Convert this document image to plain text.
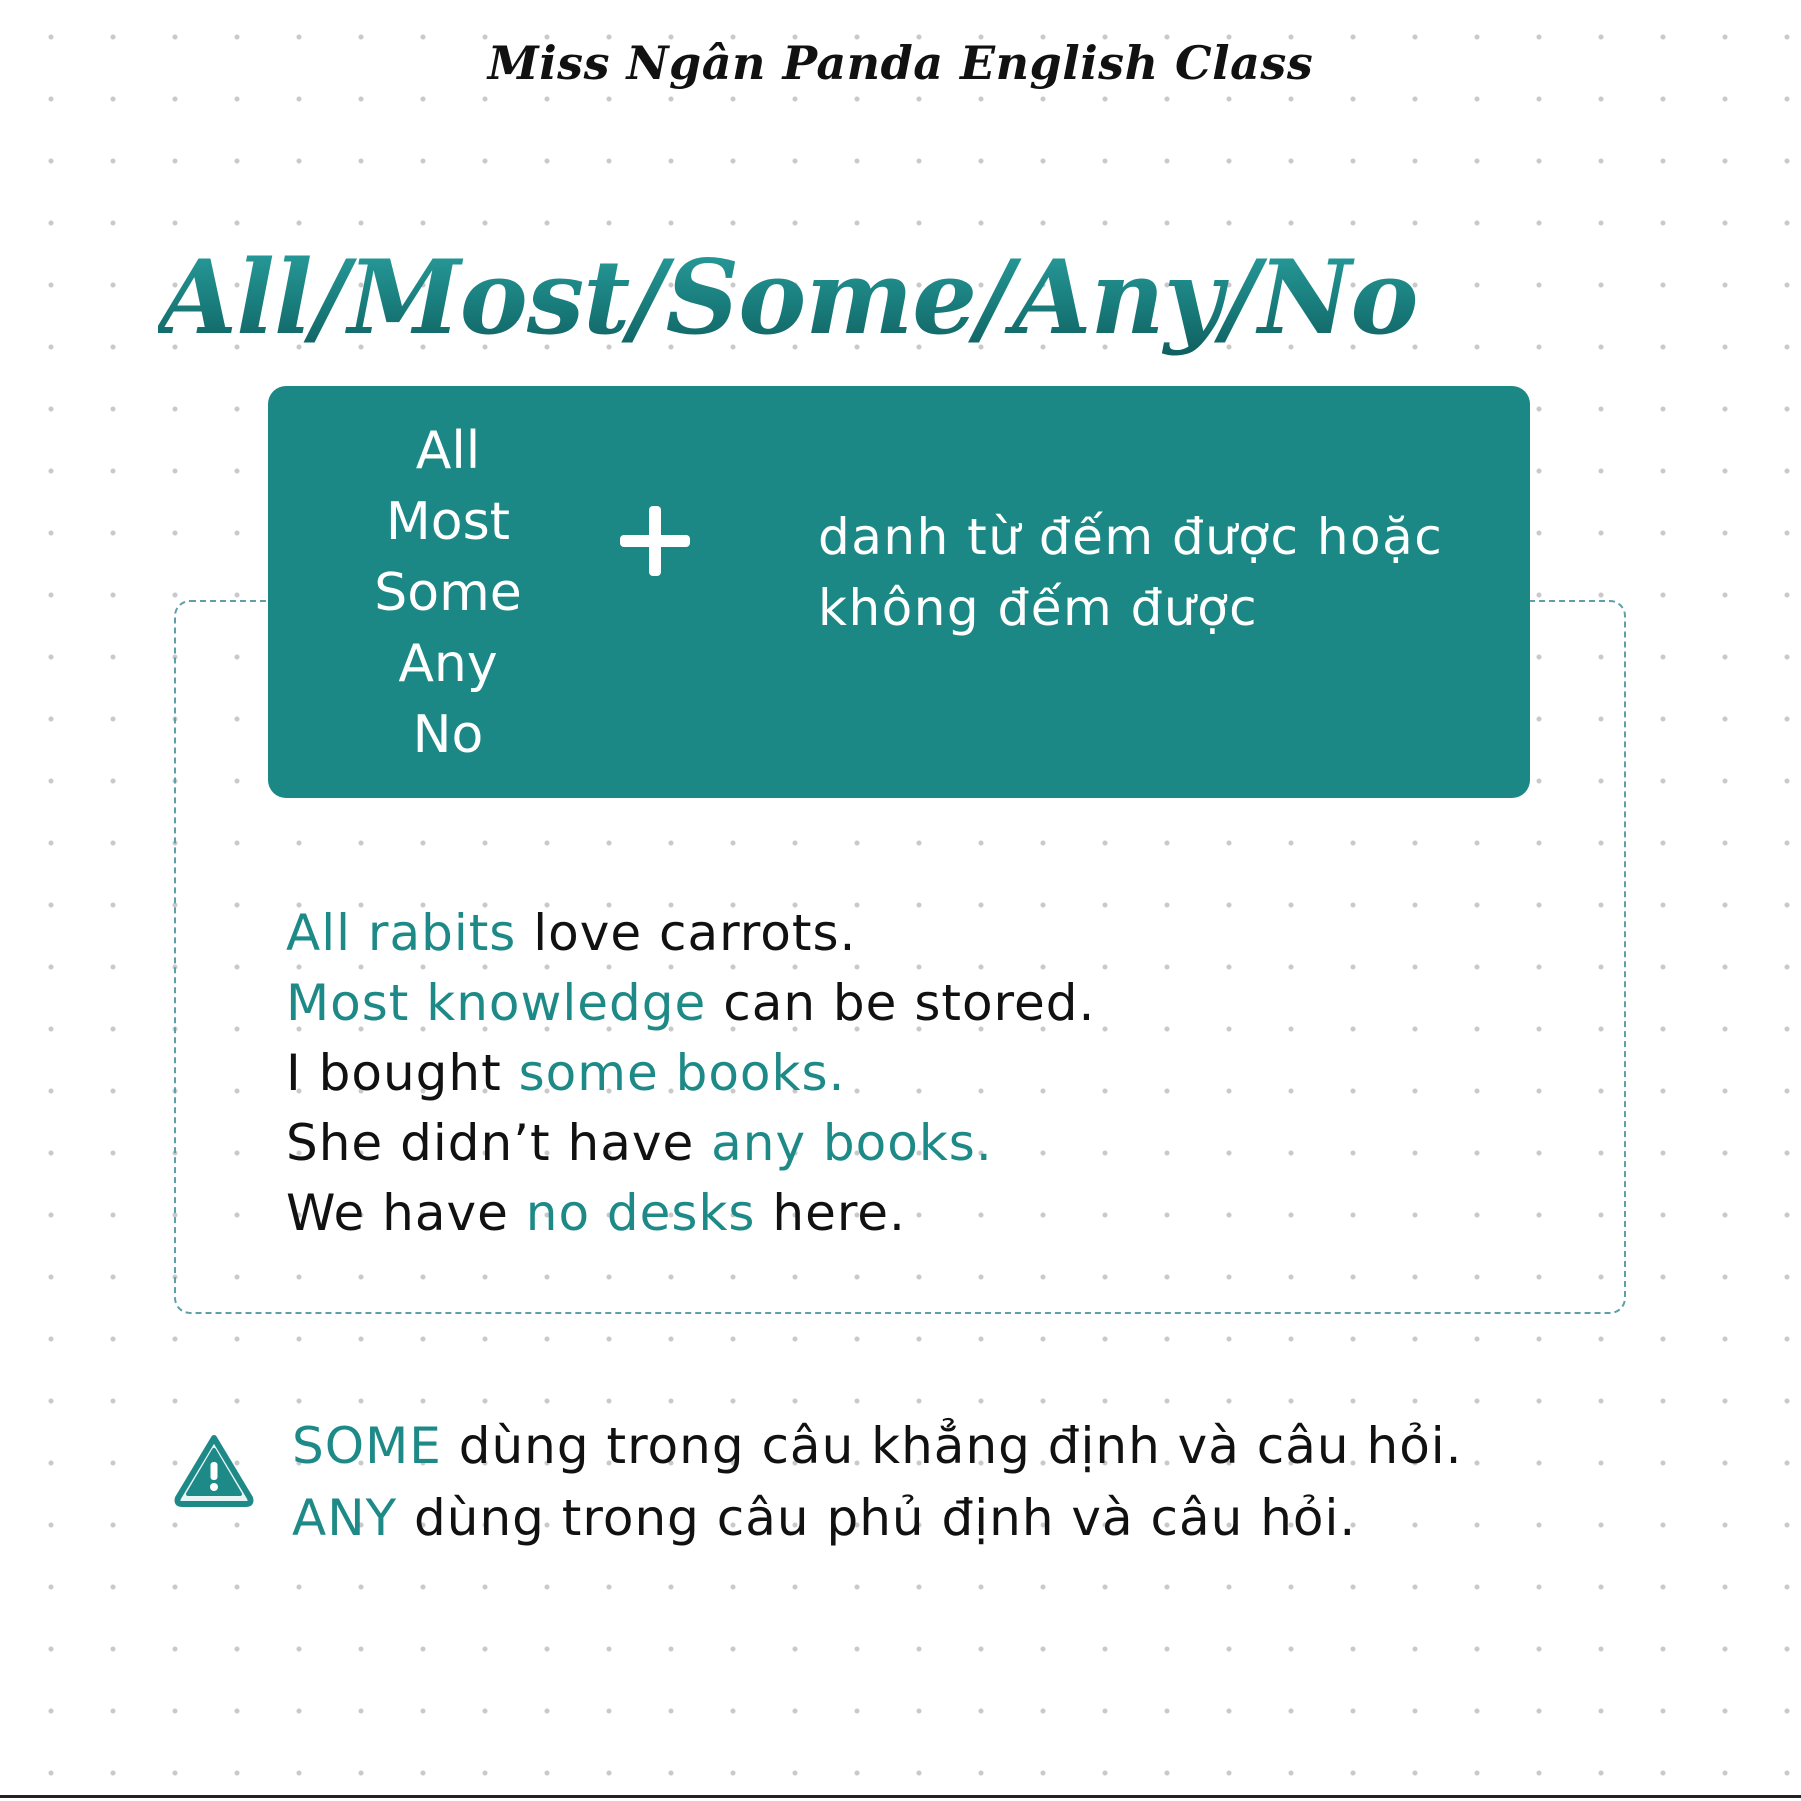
Miss Ngân Panda English Class
All/Most/Some/Any/No
All
Most
Some
Any
No
danh từ đếm được hoặc
không đếm được
All rabits love carrots.
Most knowledge can be stored.
I bought some books.
She didn’t have any books.
We have no desks here.
SOME dùng trong câu khẳng định và câu hỏi.
ANY dùng trong câu phủ định và câu hỏi.
